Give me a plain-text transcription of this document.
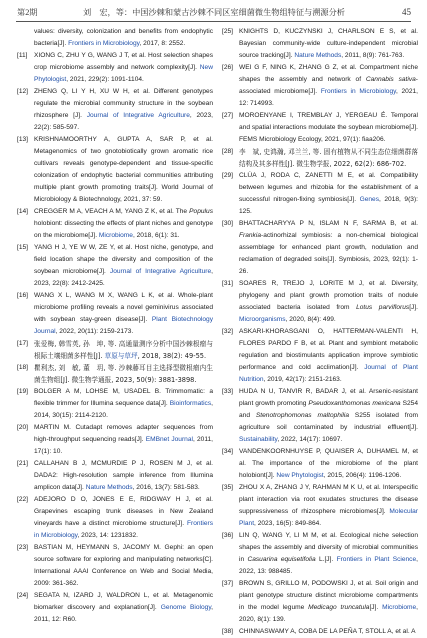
第2期	刘　宏，等：中国沙棘和蒙古沙棘不同区室细菌微生物组特征与溯源分析	45
values: diversity, colonization and benefits from endophytic bacteria[J]. Frontiers in Microbiology, 2017, 8: 2552.
[11] XIONG C, ZHU Y G, WANG J T, et al. Host selection shapes crop microbiome assembly and network complexity[J]. New Phytologist, 2021, 229(2): 1091-1104.
[12] ZHENG Q, LI Y H, XU W H, et al. Different genotypes regulate the microbial community structure in the soybean rhizosphere [J]. Journal of Integrative Agriculture, 2023, 22(2): 585-597.
[13] KRISHNAMOORTHY A, GUPTA A, SAR P, et al. Metagenomics of two gnotobiotically grown aromatic rice cultivars reveals genotype-dependent and tissue-specific colonization of endophytic bacterial communities attributing multiple plant growth promoting traits[J]. World Journal of Microbiology & Biotechnology, 2021, 37: 59.
[14] CREGGER M A, VEACH A M, YANG Z K, et al. The Populus holobiont: dissecting the effects of plant niches and genotype on the microbiome[J]. Microbiome, 2018, 6(1): 31.
[15] YANG H J, YE W W, ZE Y, et al. Host niche, genotype, and field location shape the diversity and composition of the soybean microbiome[J]. Journal of Integrative Agriculture, 2023, 22(8): 2412-2425.
[16] WANG X L, WANG M X, WANG L K, et al. Whole-plant microbiome profiling reveals a novel geminivirus associated with soybean stay-green disease[J]. Plant Biotechnology Journal, 2022, 20(11): 2159-2173.
[17] 张爱梅, 韩雪英, 孙　坤, 等. 高通量测序分析中国沙棘根瘤与根际土壤细菌多样性[J]. 草原与草坪, 2018, 38(2): 49-55.
[18] 瞿利杰, 刘　敏, 董　玥, 等. 沙棘藤耳目主选择型微根瘤内生菌生物组[J]. 微生物学通报, 2023, 50(9): 3881-3898.
[19] BOLGER A M, LOHSE M, USADEL B. Trimmomatic: a flexible trimmer for Illumina sequence data[J]. Bioinformatics, 2014, 30(15): 2114-2120.
[20] MARTIN M. Cutadapt removes adapter sequences from high-throughput sequencing reads[J]. EMBnet Journal, 2011, 17(1): 10.
[21] CALLAHAN B J, MCMURDIE P J, ROSEN M J, et al. DADA2: High-resolution sample inference from Illumina amplicon data[J]. Nature Methods, 2016, 13(7): 581-583.
[22] ADEJORO D O, JONES E E, RIDGWAY H J, et al. Grapevines escaping trunk diseases in New Zealand vineyards have a distinct microbiome structure[J]. Frontiers in Microbiology, 2023, 14: 1231832.
[23] BASTIAN M, HEYMANN S, JACOMY M. Gephi: an open source software for exploring and manipulating networks[C]. International AAAI Conference on Web and Social Media, 2009: 361-362.
[24] SEGATA N, IZARD J, WALDRON L, et al. Metagenomic biomarker discovery and explanation[J]. Genome Biology, 2011, 12: R60.
[25] KNIGHTS D, KUCZYNSKI J, CHARLSON E S, et al. Bayesian community-wide culture-independent microbial source tracking[J]. Nature Methods, 2011, 8(9): 761-763.
[26] WEI G F, NING K, ZHANG G Z, et al. Compartment niche shapes the assembly and network of Cannabis sativa-associated microbiome[J]. Frontiers in Microbiology, 2021, 12: 714993.
[27] MOROENYANE I, TREMBLAY J, YERGEAU É. Temporal and spatial interactions modulate the soybean microbiome[J]. FEMS Microbiology Ecology, 2021, 97(1): fiaa206.
[28] 李　斌, 史鸿瀚, 邓兰兰, 等. 固有植物从不同生态位细菌群落结构及其多样性[J]. 微生物学报, 2022, 62(2): 686-702.
[29] CLÚA J, RODA C, ZANETTI M E, et al. Compatibility between legumes and rhizobia for the establishment of a successful nitrogen-fixing symbiosis[J]. Genes, 2018, 9(3): 125.
[30] BHATTACHARYYA P N, ISLAM N F, SARMA B, et al. Frankia-actinorhizal symbiosis: a non-chemical biological assemblage for enhanced plant growth, nodulation and reclamation of degraded soils[J]. Symbiosis, 2023, 92(1): 1-26.
[31] SOARES R, TREJO J, LORITE M J, et al. Diversity, phylogeny and plant growth promotion traits of nodule associated bacteria isolated from Lotus parviflorus[J]. Microorganisms, 2020, 8(4): 499.
[32] ASKARI-KHORASGANI O, HATTERMAN-VALENTI H, FLORES PARDO F B, et al. Plant and symbiont metabolic regulation and biostimulants application improve symbiotic performance and cold acclimation[J]. Journal of Plant Nutrition, 2019, 42(17): 2151-2163.
[33] HUDA N U, TANVIR R, BADAR J, et al. Arsenic-resistant plant growth promoting Pseudoxanthomonas mexicana S254 and Stenotrophomonas maltophilia S255 isolated from agriculture soil contaminated by industrial effluent[J]. Sustainability, 2022, 14(17): 10697.
[34] VANDENKOORNHUYSE P, QUAISER A, DUHAMEL M, et al. The importance of the microbiome of the plant holobiont[J]. New Phytologist, 2015, 206(4): 1196-1206.
[35] ZHOU X A, ZHANG J Y, RAHMAN M K U, et al. Interspecific plant interaction via root exudates structures the disease suppressiveness of rhizosphere microbiomes[J]. Molecular Plant, 2023, 16(5): 849-864.
[36] LIN Q, WANG Y, LI M M, et al. Ecological niche selection shapes the assembly and diversity of microbial communities in Casuarina equisetifolia L.[J]. Frontiers in Plant Science, 2022, 13: 988485.
[37] BROWN S, GRILLO M, PODOWSKI J, et al. Soil origin and plant genotype structure distinct microbiome compartments in the model legume Medicago truncatula[J]. Microbiome, 2020, 8(1): 139.
[38] CHINNASWAMY A, COBA DE LA PEÑA T, STOLL A, et al. A
